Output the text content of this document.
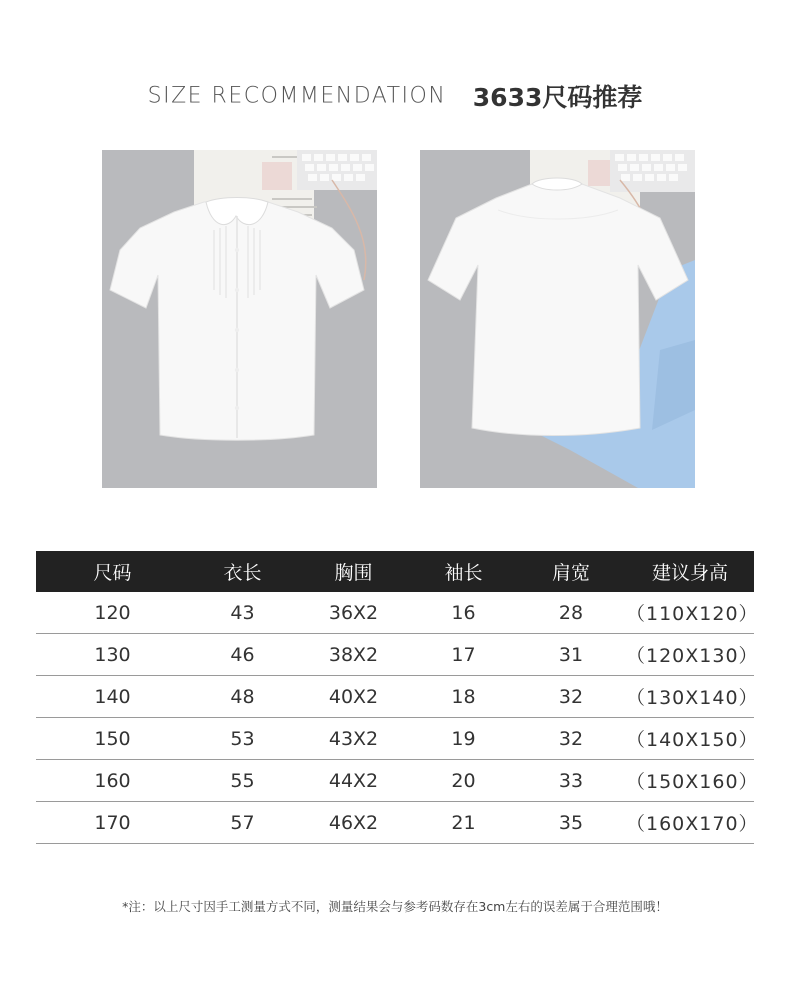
SIZE RECOMMENDATION 3633尺码推荐
尺码	衣长	胸围	袖长	肩宽	建议身高
120	43	36X2	16	28	（110X120）
130	46	38X2	17	31	（120X130）
140	48	40X2	18	32	（130X140）
150	53	43X2	19	32	（140X150）
160	55	44X2	20	33	（150X160）
170	57	46X2	21	35	（160X170）
*注：以上尺寸因手工测量方式不同，测量结果会与参考码数存在3cm左右的误差属于合理范围哦！
